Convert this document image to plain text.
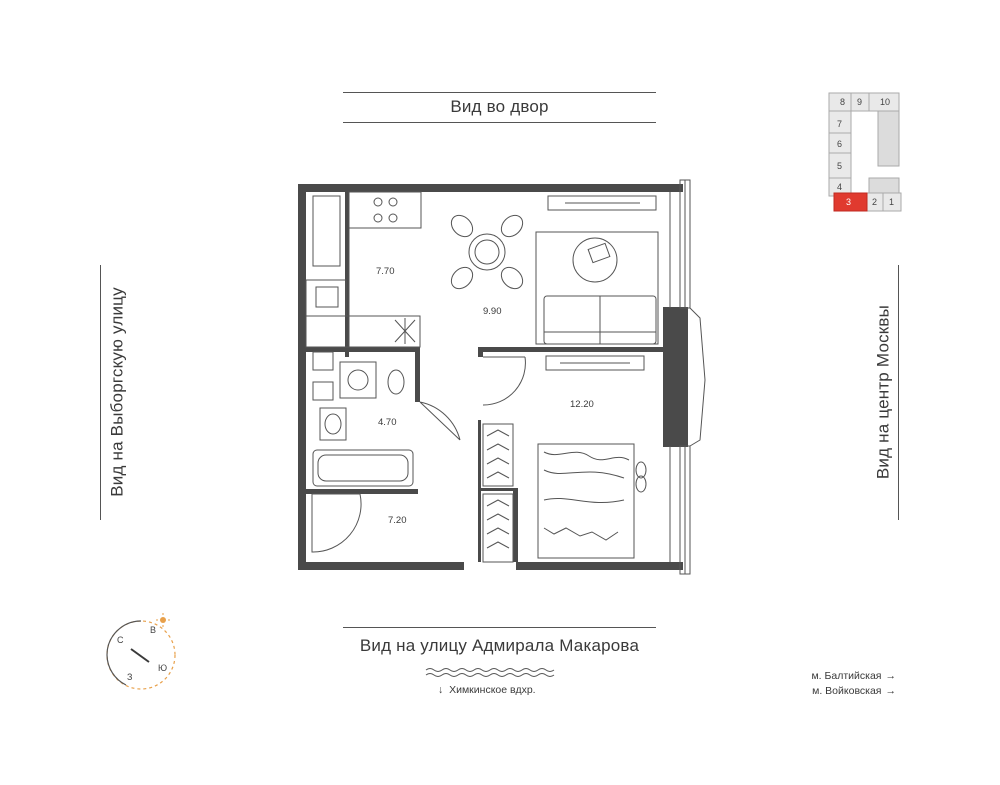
Вид во двор
Вид на улицу Адмирала Макарова
Вид на Выборгскую улицу	Вид на центр Москвы
↓ Химкинское вдхр.
м. Балтийская →
м. Войковская →
8 9 10
7
6
5
4
3 2 1
С
В
Ю
З
7.70
9.90
4.70
12.20
7.20
